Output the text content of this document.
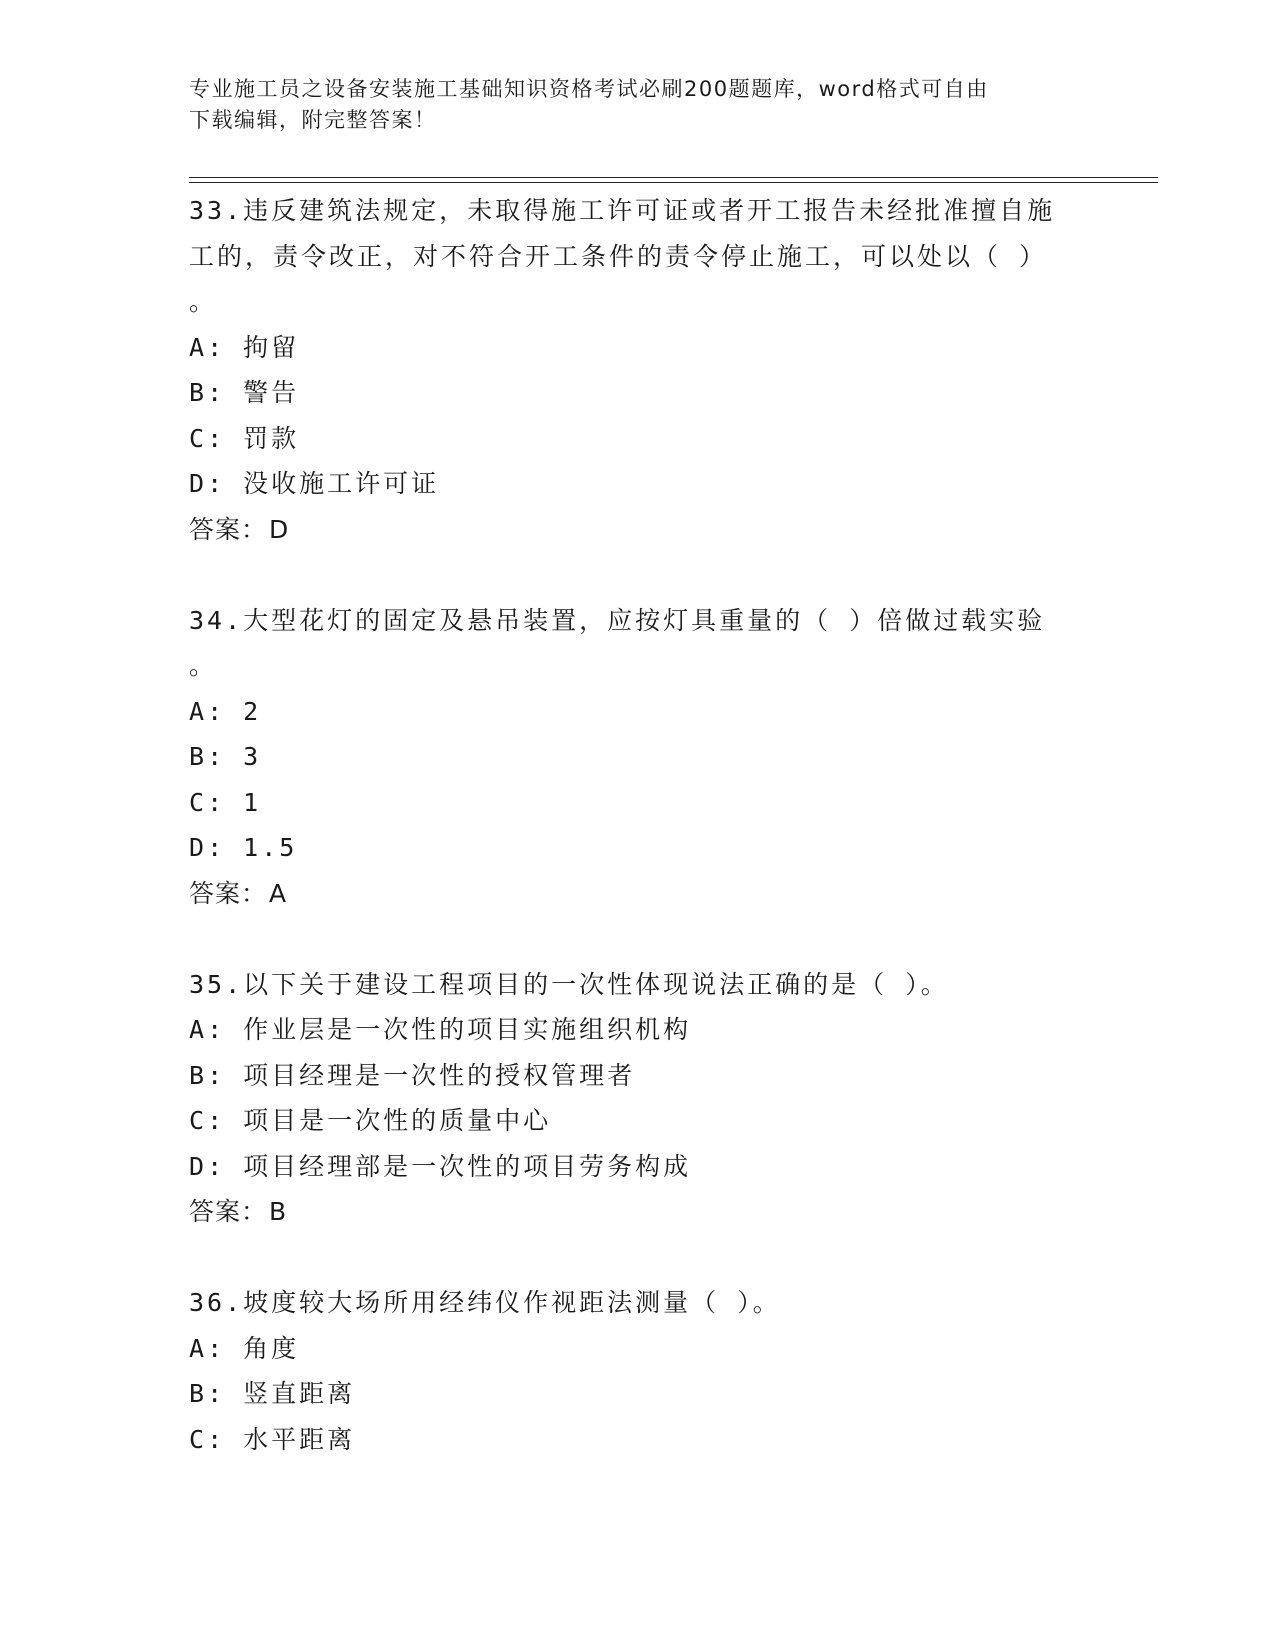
专业施工员之设备安装施工基础知识资格考试必刷200题题库，word格式可自由
下载编辑，附完整答案！
33.违反建筑法规定，未取得施工许可证或者开工报告未经批准擅自施
工的，责令改正，对不符合开工条件的责令停止施工，可以处以（ ）
。
A: 拘留
B: 警告
C: 罚款
D: 没收施工许可证
答案：D
34.大型花灯的固定及悬吊装置，应按灯具重量的（ ）倍做过载实验
。
A: 2
B: 3
C: 1
D: 1.5
答案：A
35.以下关于建设工程项目的一次性体现说法正确的是（ ）。
A: 作业层是一次性的项目实施组织机构
B: 项目经理是一次性的授权管理者
C: 项目是一次性的质量中心
D: 项目经理部是一次性的项目劳务构成
答案：B
36.坡度较大场所用经纬仪作视距法测量（ ）。
A: 角度
B: 竖直距离
C: 水平距离
